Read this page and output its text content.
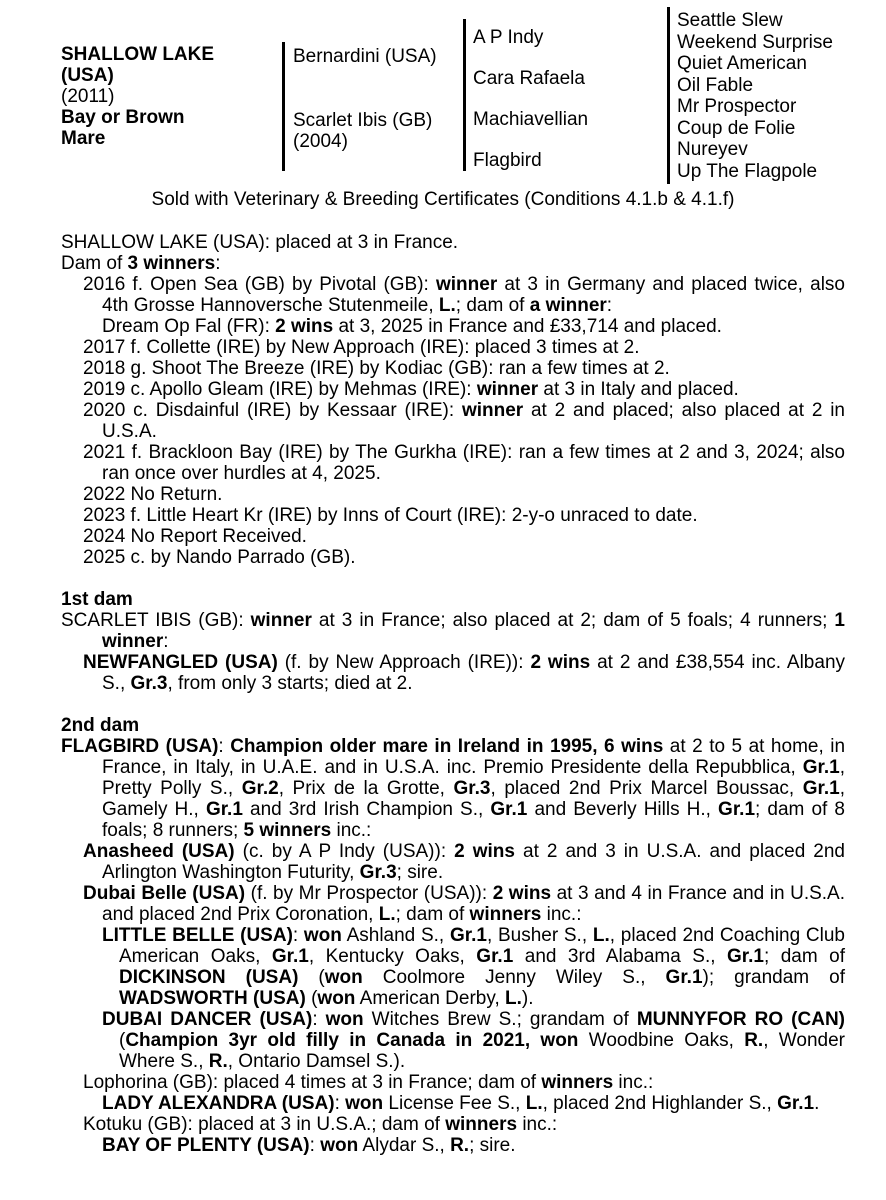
SHALLOW LAKE (USA)
(2011)
Bay or Brown Mare
Bernardini (USA)
Scarlet Ibis (GB)
(2004)
A P Indy
Cara Rafaela
Machiavellian
Flagbird
Seattle Slew
Weekend Surprise
Quiet American
Oil Fable
Mr Prospector
Coup de Folie
Nureyev
Up The Flagpole
Sold with Veterinary & Breeding Certificates (Conditions 4.1.b & 4.1.f)

SHALLOW LAKE (USA): placed at 3 in France.

Dam of 3 winners:

2016 f. Open Sea (GB) by Pivotal (GB): winner at 3 in Germany and placed twice, also 4th Grosse Hannoversche Stutenmeile, L.; dam of a winner:

Dream Op Fal (FR): 2 wins at 3, 2025 in France and £33,714 and placed.

2017 f. Collette (IRE) by New Approach (IRE): placed 3 times at 2.

2018 g. Shoot The Breeze (IRE) by Kodiac (GB): ran a few times at 2.

2019 c. Apollo Gleam (IRE) by Mehmas (IRE): winner at 3 in Italy and placed.

2020 c. Disdainful (IRE) by Kessaar (IRE): winner at 2 and placed; also placed at 2 in U.S.A.

2021 f. Brackloon Bay (IRE) by The Gurkha (IRE): ran a few times at 2 and 3, 2024; also ran once over hurdles at 4, 2025.

2022 No Return.

2023 f. Little Heart Kr (IRE) by Inns of Court (IRE): 2-y-o unraced to date.

2024 No Report Received.

2025 c. by Nando Parrado (GB).

1st dam

SCARLET IBIS (GB): winner at 3 in France; also placed at 2; dam of 5 foals; 4 runners; 1 winner:

NEWFANGLED (USA) (f. by New Approach (IRE)): 2 wins at 2 and £38,554 inc. Albany S., Gr.3, from only 3 starts; died at 2.

2nd dam

FLAGBIRD (USA): Champion older mare in Ireland in 1995, 6 wins at 2 to 5 at home, in France, in Italy, in U.A.E. and in U.S.A. inc. Premio Presidente della Repubblica, Gr.1, Pretty Polly S., Gr.2, Prix de la Grotte, Gr.3, placed 2nd Prix Marcel Boussac, Gr.1, Gamely H., Gr.1 and 3rd Irish Champion S., Gr.1 and Beverly Hills H., Gr.1; dam of 8 foals; 8 runners; 5 winners inc.:

Anasheed (USA) (c. by A P Indy (USA)): 2 wins at 2 and 3 in U.S.A. and placed 2nd Arlington Washington Futurity, Gr.3; sire.

Dubai Belle (USA) (f. by Mr Prospector (USA)): 2 wins at 3 and 4 in France and in U.S.A. and placed 2nd Prix Coronation, L.; dam of winners inc.:

LITTLE BELLE (USA): won Ashland S., Gr.1, Busher S., L., placed 2nd Coaching Club American Oaks, Gr.1, Kentucky Oaks, Gr.1 and 3rd Alabama S., Gr.1; dam of DICKINSON (USA) (won Coolmore Jenny Wiley S., Gr.1); grandam of WADSWORTH (USA) (won American Derby, L.).

DUBAI DANCER (USA): won Witches Brew S.; grandam of MUNNYFOR RO (CAN) (Champion 3yr old filly in Canada in 2021, won Woodbine Oaks, R., Wonder Where S., R., Ontario Damsel S.).

Lophorina (GB): placed 4 times at 3 in France; dam of winners inc.:

LADY ALEXANDRA (USA): won License Fee S., L., placed 2nd Highlander S., Gr.1.

Kotuku (GB): placed at 3 in U.S.A.; dam of winners inc.:

BAY OF PLENTY (USA): won Alydar S., R.; sire.
